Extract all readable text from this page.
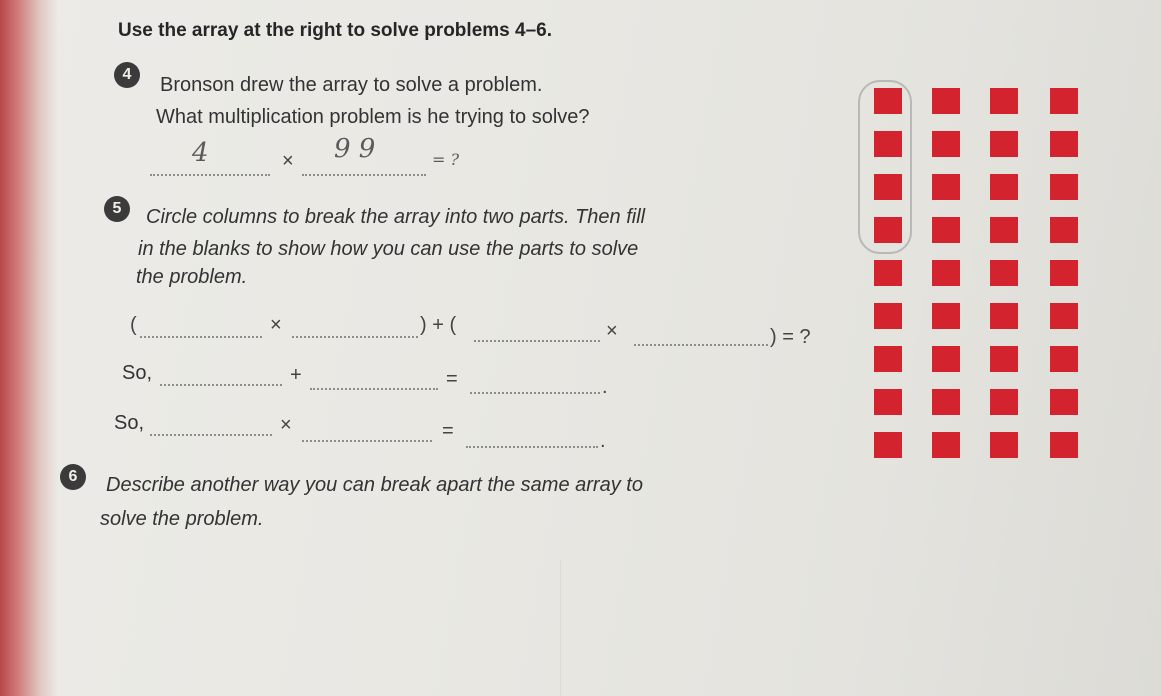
Use the array at the right to solve problems 4–6.
4	Bronson drew the array to solve a problem.
What multiplication problem is he trying to solve?
4	× 9 9	= ?
5	Circle columns to break the array into two parts. Then fill
in the blanks to show how you can use the parts to solve
the problem.
(	×	) + (	×	) = ?
So,	+	=	.
So,	×	=	.
6	Describe another way you can break apart the same array to
solve the problem.
